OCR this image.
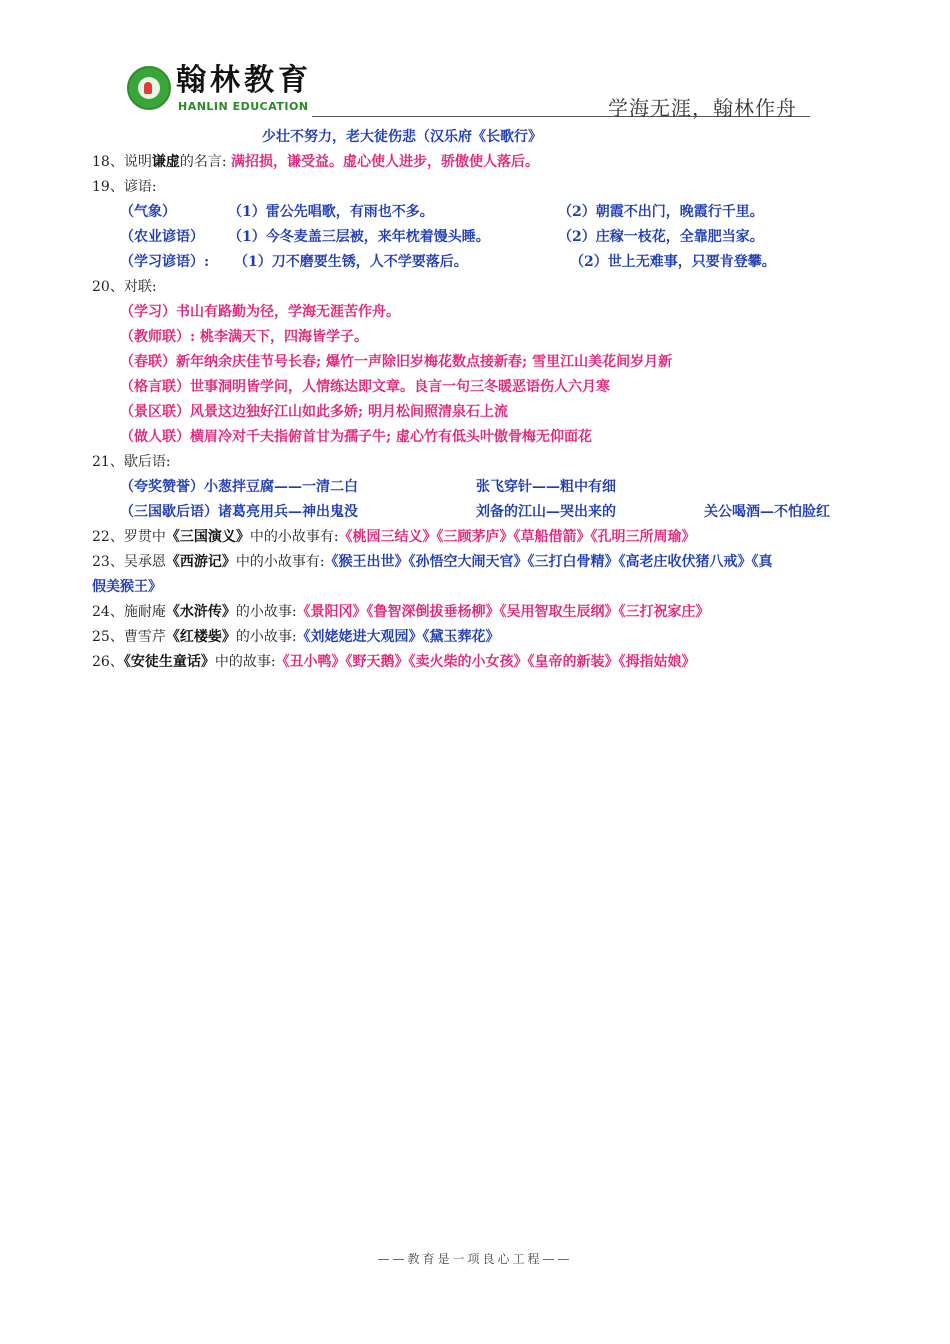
翰林教育
HANLIN EDUCATION	学海无涯，翰林作舟
少壮不努力，老大徒伤悲（汉乐府《长歌行》
18、说明谦虚的名言: 满招损，谦受益。虚心使人进步，骄傲使人落后。
19、谚语:
（气象）	（1）雷公先唱歌，有雨也不多。	（2）朝霞不出门，晚霞行千里。
（农业谚语） （1）今冬麦盖三层被，来年枕着馒头睡。	（2）庄稼一枝花，全靠肥当家。
（学习谚语）: （1）刀不磨要生锈，人不学要落后。	（2）世上无难事，只要肯登攀。
20、对联:
（学习）书山有路勤为径，学海无涯苦作舟。
（教师联）: 桃李满天下，四海皆学子。
（春联）新年纳余庆佳节号长春; 爆竹一声除旧岁梅花数点接新春; 雪里江山美花间岁月新
（格言联）世事洞明皆学问，人情练达即文章。良言一句三冬暖恶语伤人六月寒
（景区联）风景这边独好江山如此多娇; 明月松间照清泉石上流
（做人联）横眉冷对千夫指俯首甘为孺子牛; 虚心竹有低头叶傲骨梅无仰面花
21、歇后语:
（夸奖赞誉）小葱拌豆腐——一清二白	张飞穿针——粗中有细
（三国歇后语）诸葛亮用兵—神出鬼没	刘备的江山—哭出来的	关公喝酒—不怕脸红
22、罗贯中《三国演义》中的小故事有:《桃园三结义》《三顾茅庐》《草船借箭》《孔明三所周瑜》
23、吴承恩《西游记》中的小故事有:《猴王出世》《孙悟空大闹天官》《三打白骨精》《高老庄收伏猪八戒》《真
假美猴王》
24、施耐庵《水浒传》的小故事:《景阳冈》《鲁智深倒拔垂杨柳》《吴用智取生辰纲》《三打祝家庄》
25、曹雪芹《红楼姕》的小故事:《刘姥姥进大观园》《黛玉葬花》
26、《安徒生童话》中的故事:《丑小鸭》《野天鹅》《卖火柴的小女孩》《皇帝的新装》《拇指姑娘》
——教育是一项良心工程——
